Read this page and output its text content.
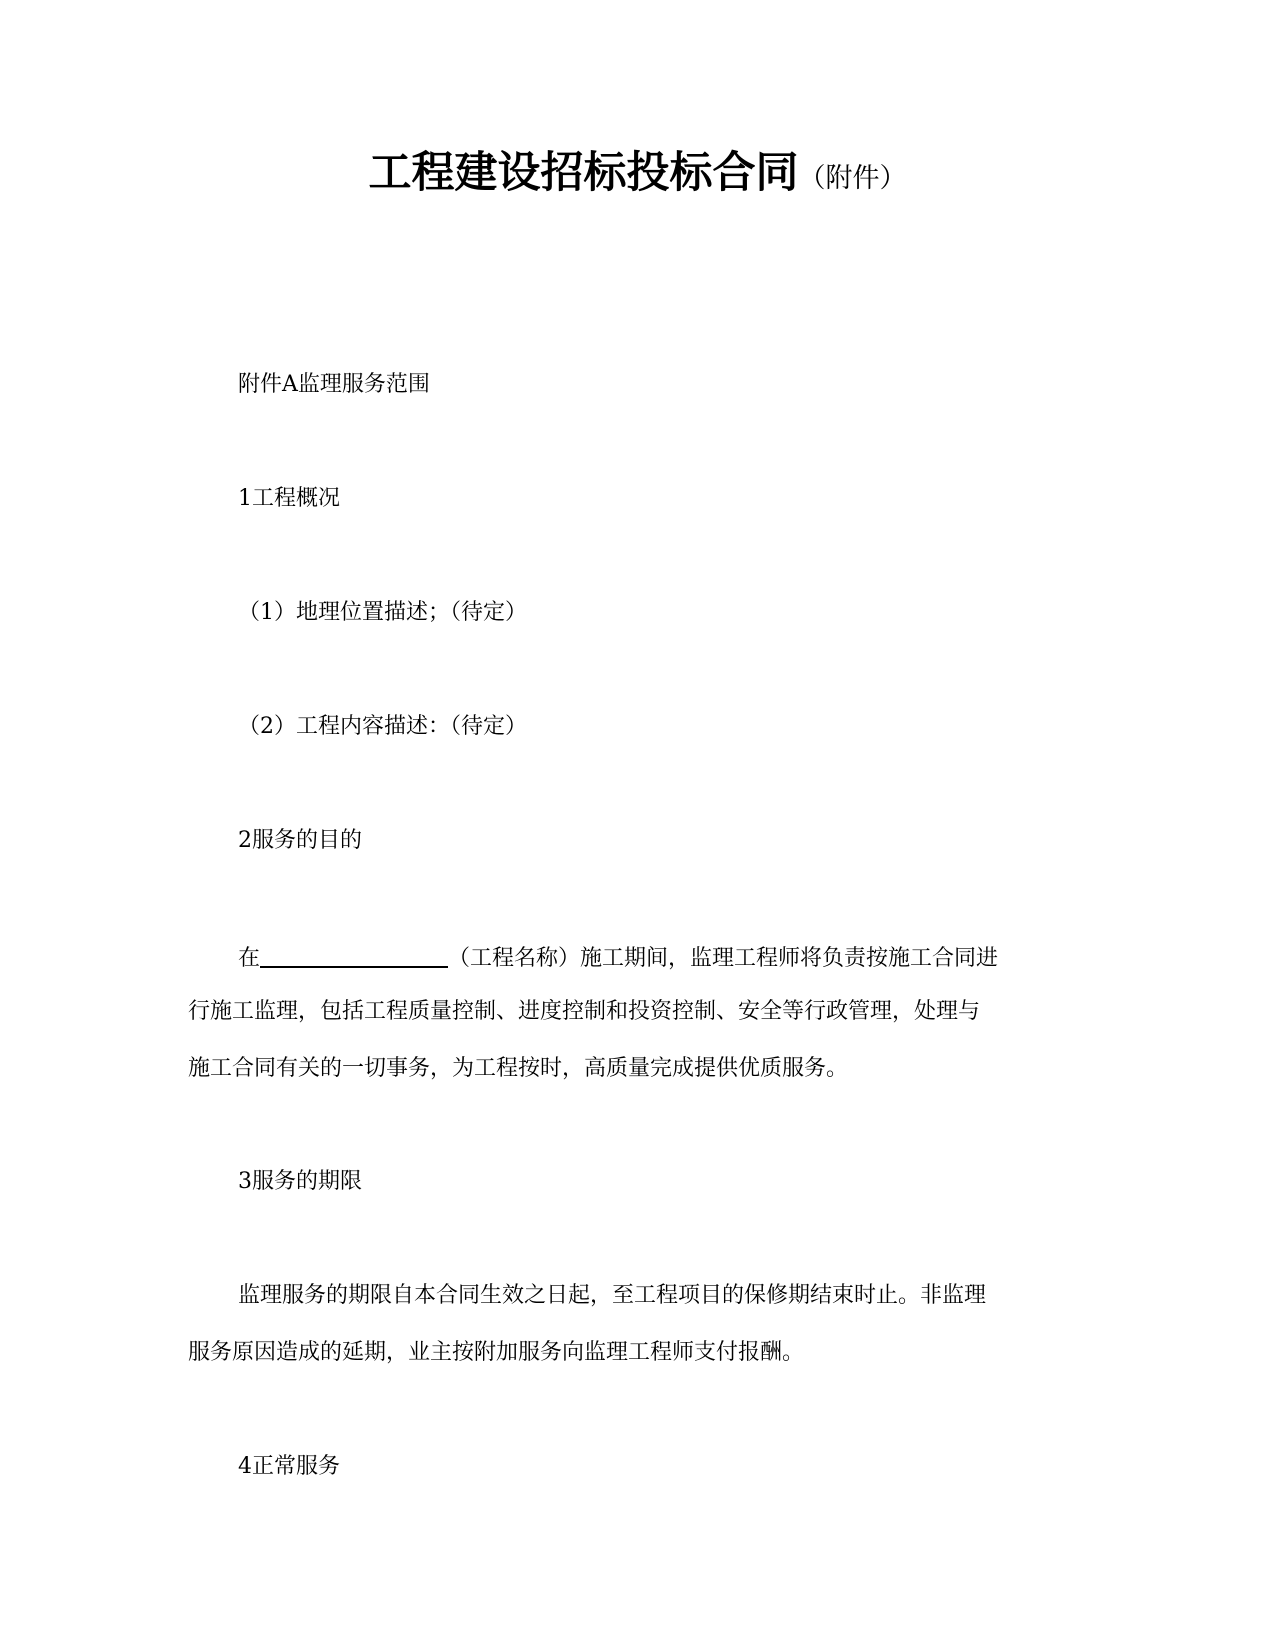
工程建设招标投标合同（附件）
附件A监理服务范围
1工程概况
（1）地理位置描述；（待定）
（2）工程内容描述：（待定）
2服务的目的
在	（工程名称）施工期间，监理工程师将负责按施工合同进
行施工监理，包括工程质量控制、进度控制和投资控制、安全等行政管理，处理与
施工合同有关的一切事务，为工程按时，高质量完成提供优质服务。
3服务的期限
监理服务的期限自本合同生效之日起，至工程项目的保修期结束时止。非监理
服务原因造成的延期，业主按附加服务向监理工程师支付报酬。
4正常服务
